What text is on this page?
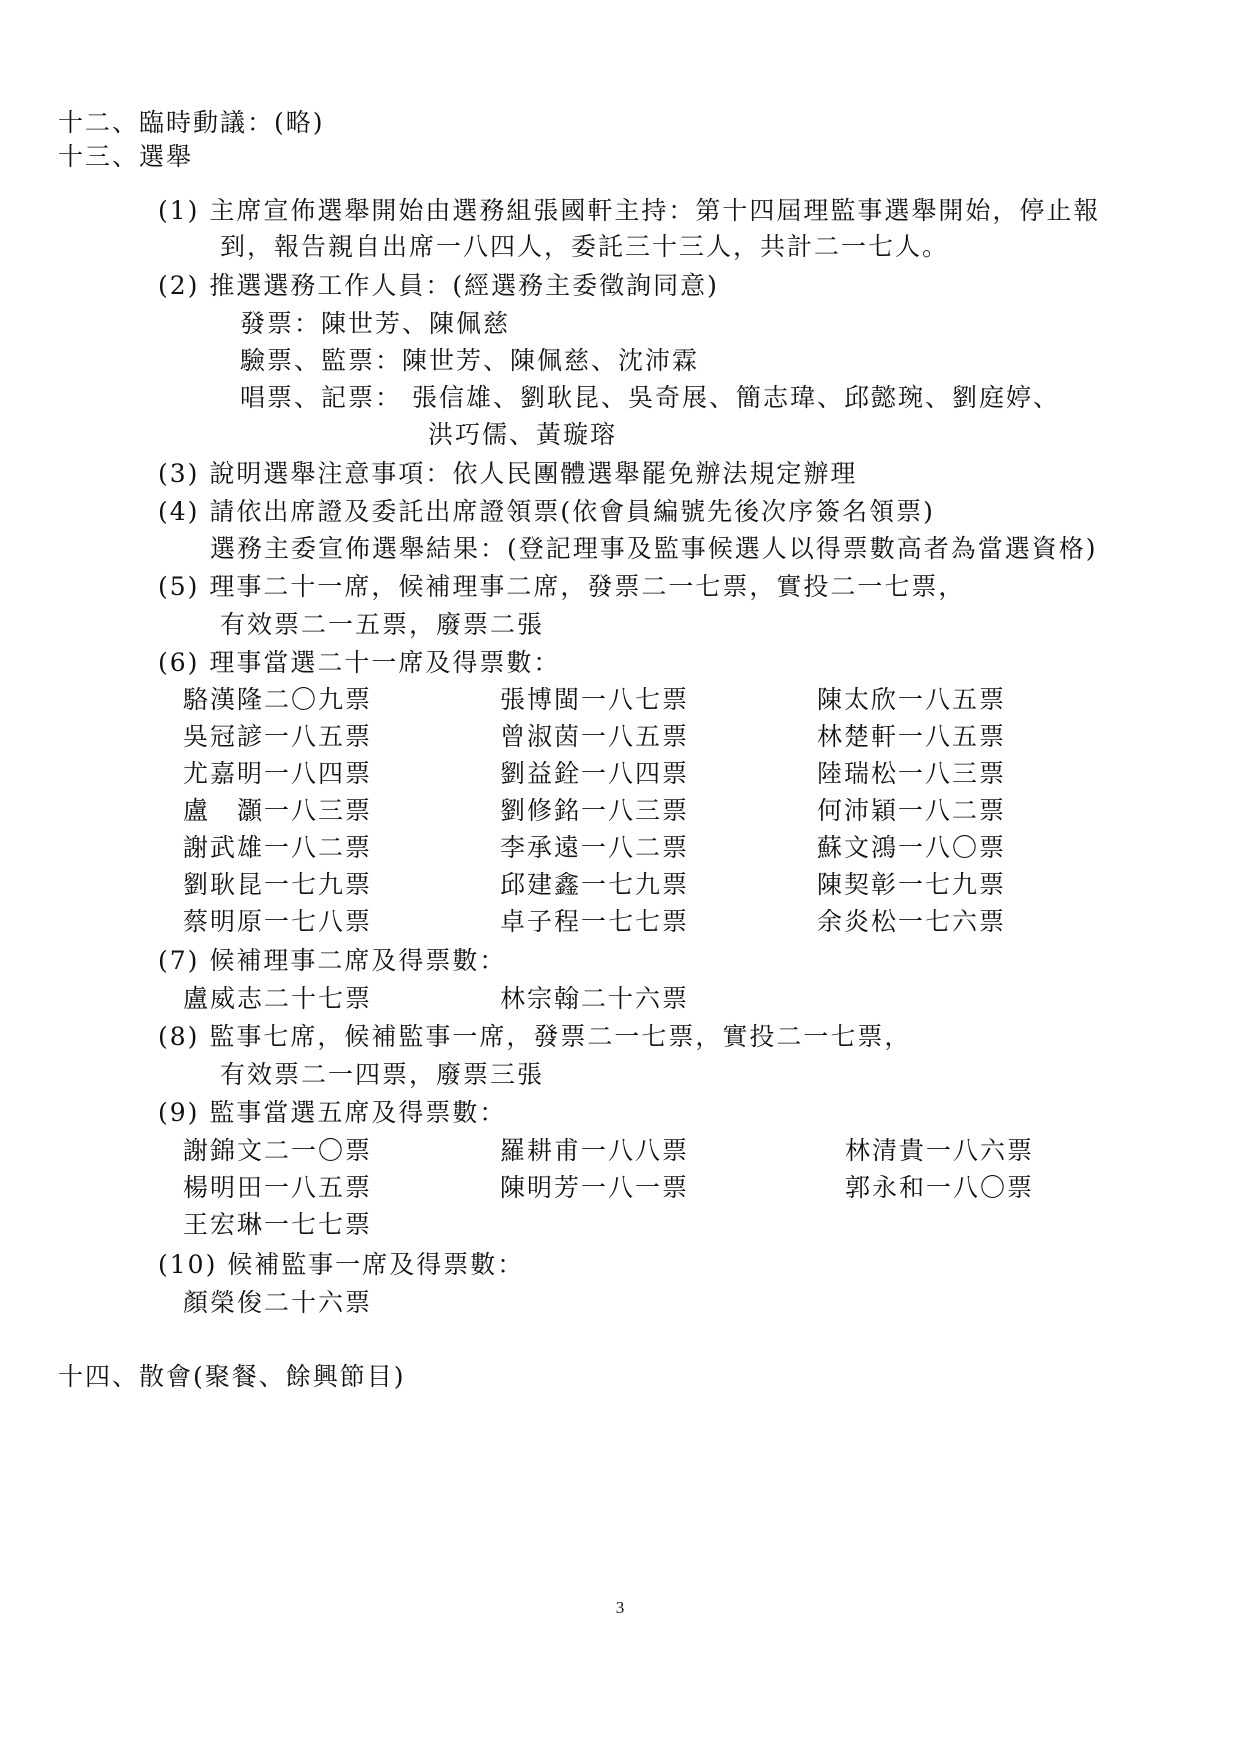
十二、臨時動議：(略)
十三、選舉
(1) 主席宣佈選舉開始由選務組張國軒主持：第十四屆理監事選舉開始，停止報
到，報告親自出席一八四人，委託三十三人，共計二一七人。
(2) 推選選務工作人員：(經選務主委徵詢同意)
發票：陳世芳、陳佩慈
驗票、監票：陳世芳、陳佩慈、沈沛霖
唱票、記票： 張信雄、劉耿昆、吳奇展、簡志瑋、邱懿琬、劉庭婷、
洪巧儒、黃璇瑢
(3) 說明選舉注意事項：依人民團體選舉罷免辦法規定辦理
(4) 請依出席證及委託出席證領票(依會員編號先後次序簽名領票)
選務主委宣佈選舉結果：(登記理事及監事候選人以得票數高者為當選資格)
(5) 理事二十一席，候補理事二席，發票二一七票，實投二一七票，
有效票二一五票，廢票二張
(6) 理事當選二十一席及得票數：
駱漢隆二〇九票	張博閩一八七票	陳太欣一八五票
吳冠諺一八五票	曾淑茵一八五票	林楚軒一八五票
尤嘉明一八四票	劉益銓一八四票	陸瑞松一八三票
盧　灝一八三票	劉修銘一八三票	何沛穎一八二票
謝武雄一八二票	李承遠一八二票	蘇文鴻一八〇票
劉耿昆一七九票	邱建鑫一七九票	陳契彰一七九票
蔡明原一七八票	卓子程一七七票	余炎松一七六票
(7) 候補理事二席及得票數：
盧威志二十七票	林宗翰二十六票
(8) 監事七席，候補監事一席，發票二一七票，實投二一七票，
有效票二一四票，廢票三張
(9) 監事當選五席及得票數：
謝錦文二一〇票	羅耕甫一八八票	林清貴一八六票
楊明田一八五票	陳明芳一八一票	郭永和一八〇票
王宏琳一七七票
(10) 候補監事一席及得票數：
顏榮俊二十六票
十四、散會(聚餐、餘興節目)
3
